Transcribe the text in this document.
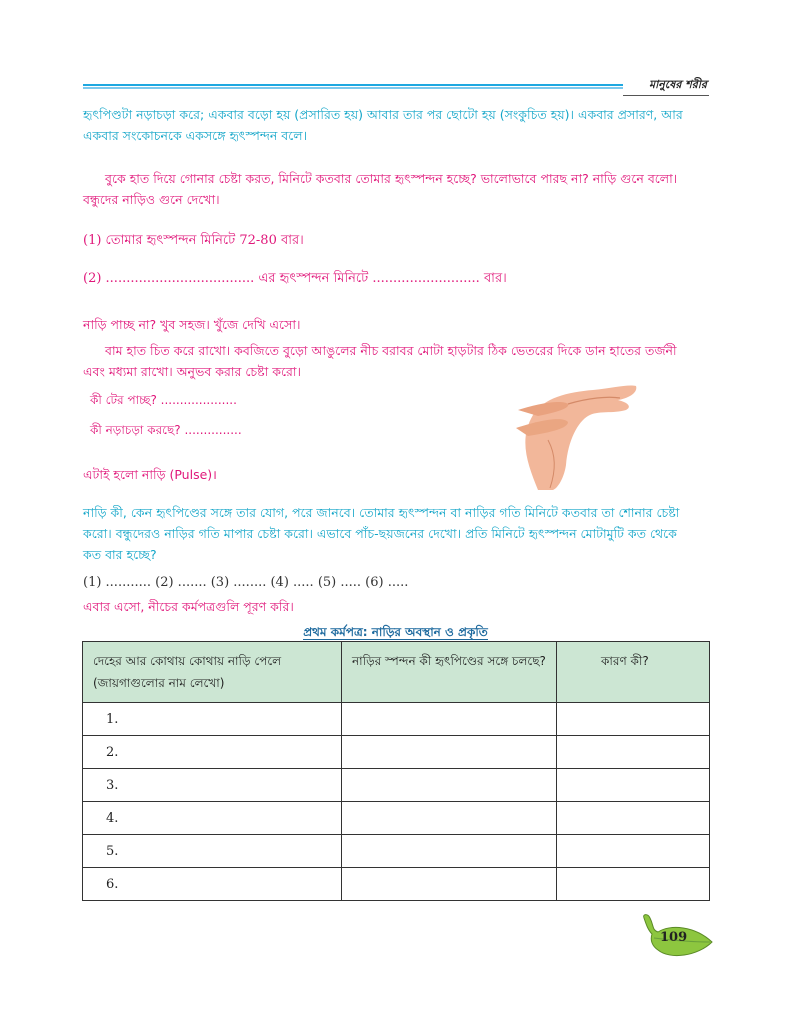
মানুষের শরীর
হৃৎপিণ্ডটা নড়াচড়া করে; একবার বড়ো হয় (প্রসারিত হয়) আবার তার পর ছোটো হয় (সংকুচিত হয়)। একবার প্রসারণ, আর
একবার সংকোচনকে একসঙ্গে হৃৎস্পন্দন বলে।
বুকে হাত দিয়ে গোনার চেষ্টা করত, মিনিটে কতবার তোমার হৃৎস্পন্দন হচ্ছে? ভালোভাবে পারছ না? নাড়ি গুনে বলো।
বন্ধুদের নাড়িও গুনে দেখো।
(1) তোমার হৃৎস্পন্দন মিনিটে 72-80 বার।
(2) .................................... এর হৃৎস্পন্দন মিনিটে .......................... বার।
নাড়ি পাচ্ছ না? খুব সহজ। খুঁজে দেখি এসো।
বাম হাত চিত করে রাখো। কবজিতে বুড়ো আঙুলের নীচ বরাবর মোটা হাড়টার ঠিক ভেতরের দিকে ডান হাতের তর্জনী
এবং মধ্যমা রাখো। অনুভব করার চেষ্টা করো।
কী টের পাচ্ছ? ....................
কী নড়াচড়া করছে? ...............
এটাই হলো নাড়ি (Pulse)।
নাড়ি কী, কেন হৃৎপিণ্ডের সঙ্গে তার যোগ, পরে জানবে। তোমার হৃৎস্পন্দন বা নাড়ির গতি মিনিটে কতবার তা শোনার চেষ্টা
করো। বন্ধুদেরও নাড়ির গতি মাপার চেষ্টা করো। এভাবে পাঁচ-ছয়জনের দেখো। প্রতি মিনিটে হৃৎস্পন্দন মোটামুটি কত থেকে
কত বার হচ্ছে?
(1) ........... (2) ....... (3) ........ (4) ..... (5) ..... (6) .....
এবার এসো, নীচের কর্মপত্রগুলি পূরণ করি।
প্রথম কর্মপত্র: নাড়ির অবস্থান ও প্রকৃতি
দেহের আর কোথায় কোথায় নাড়ি পেলে (জায়গাগুলোর নাম লেখো)	নাড়ির স্পন্দন কী হৃৎপিণ্ডের সঙ্গে চলছে?	কারণ কী?
1.		
2.		
3.		
4.		
5.		
6.		
109
